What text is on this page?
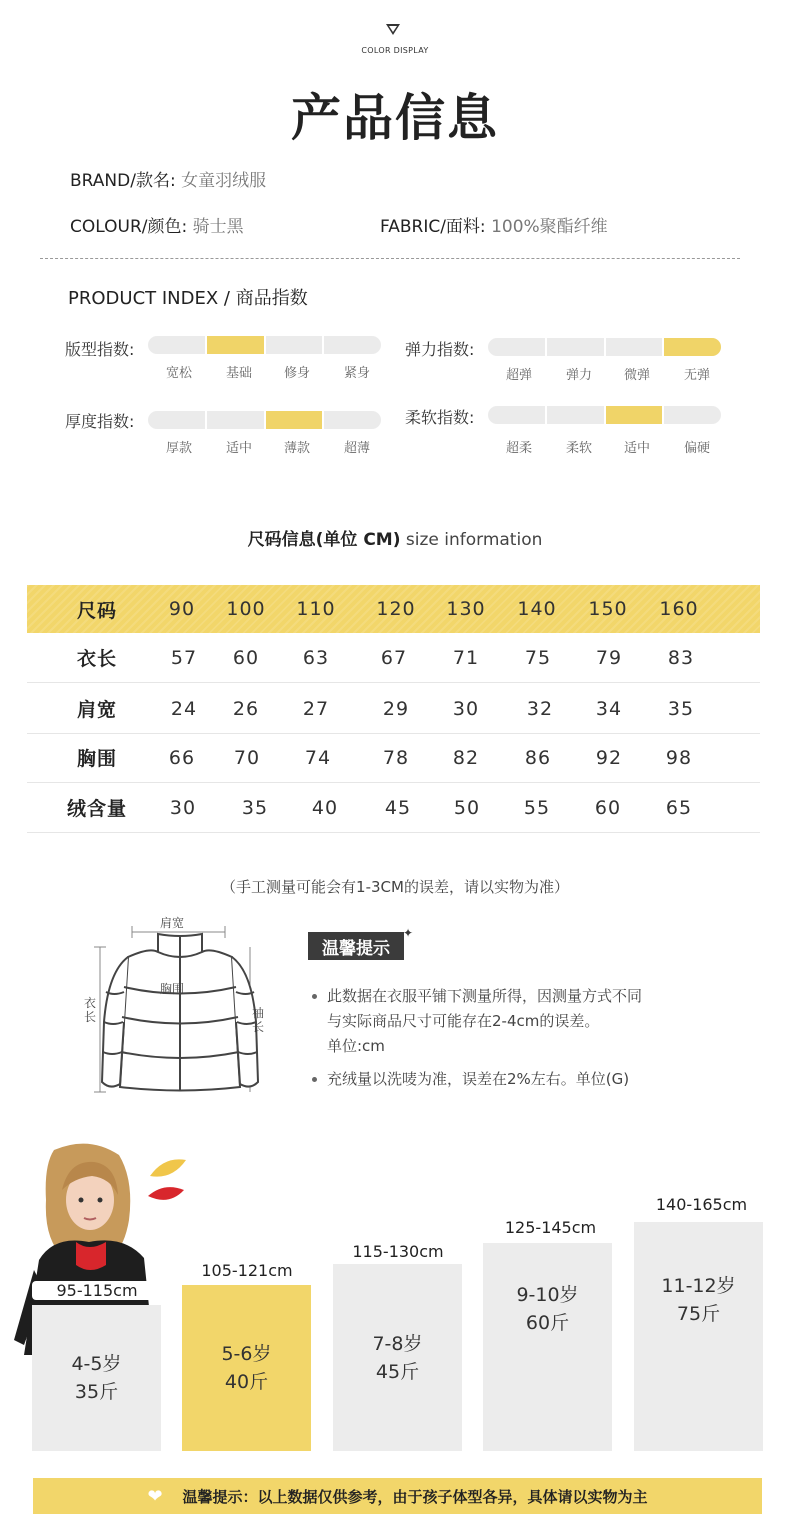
COLOR DISPLAY
产品信息
BRAND/款名: 女童羽绒服
COLOUR/颜色: 骑士黑	FABRIC/面料: 100%聚酯纤维
PRODUCT INDEX / 商品指数
版型指数:
宽松	基础	修身	紧身
弹力指数:
超弹	弹力	微弹	无弹
厚度指数:
厚款	适中	薄款	超薄
柔软指数:
超柔	柔软	适中	偏硬
尺码信息(单位 CM) size information
尺码	90	100 110 120 130 140 150 160
衣长	57	60	63	67	71	75	79	83
肩宽	24	26	27	29	30	32	34	35
胸围	66	70	74	78	82	86	92	98
绒含量	30	35	40	45	50	55	60	65
（手工测量可能会有1-3CM的误差，请以实物为准）
肩宽
胸围
衣长	袖长
温馨提示
✦
此数据在衣服平铺下测量所得，因测量方式不同
与实际商品尺寸可能存在2-4cm的误差。
单位:cm
充绒量以洗唛为准，误差在2%左右。单位(G)
95-115cm
4-5岁
35斤
105-121cm
5-6岁
40斤
115-130cm
7-8岁
45斤
125-145cm
9-10岁
60斤
140-165cm
11-12岁
75斤
❤ 温馨提示：以上数据仅供参考，由于孩子体型各异，具体请以实物为主
